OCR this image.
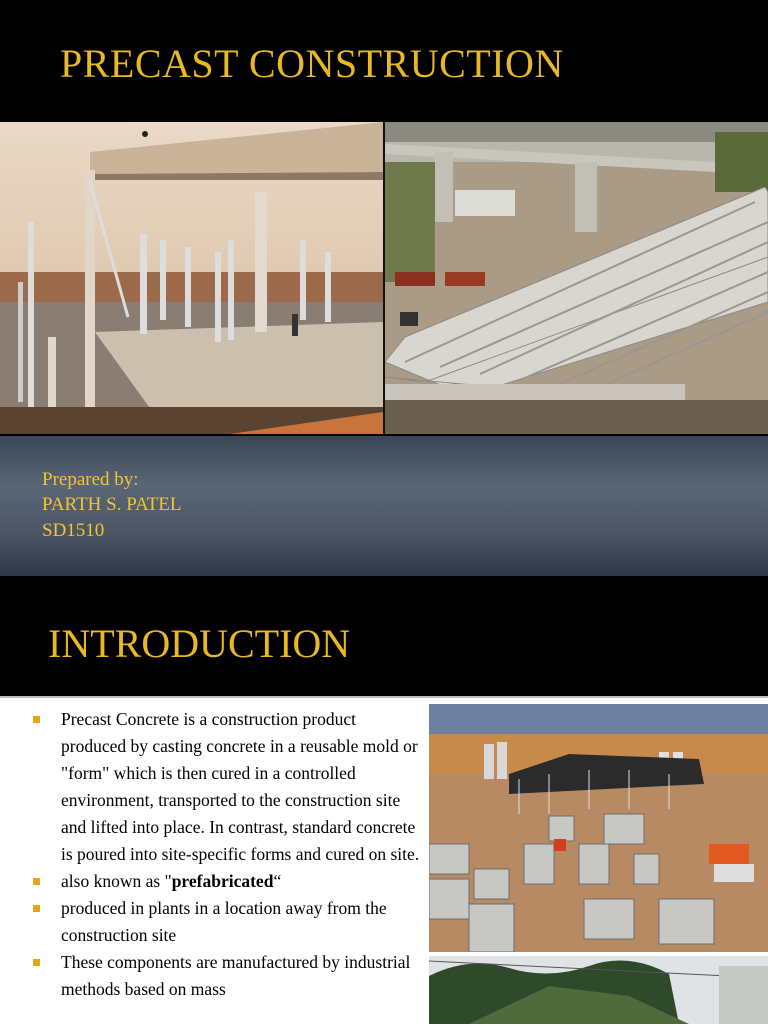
PRECAST CONSTRUCTION
Prepared by:
PARTH S. PATEL
SD1510
INTRODUCTION
Precast Concrete is a construction product produced by casting concrete in a reusable mold or "form" which is then cured in a controlled environment, transported to the construction site and lifted into place. In contrast, standard concrete is poured into site-specific forms and cured on site.
also known as "prefabricated“
produced in plants in a location away from the construction site
These components are manufactured by industrial methods based on mass
